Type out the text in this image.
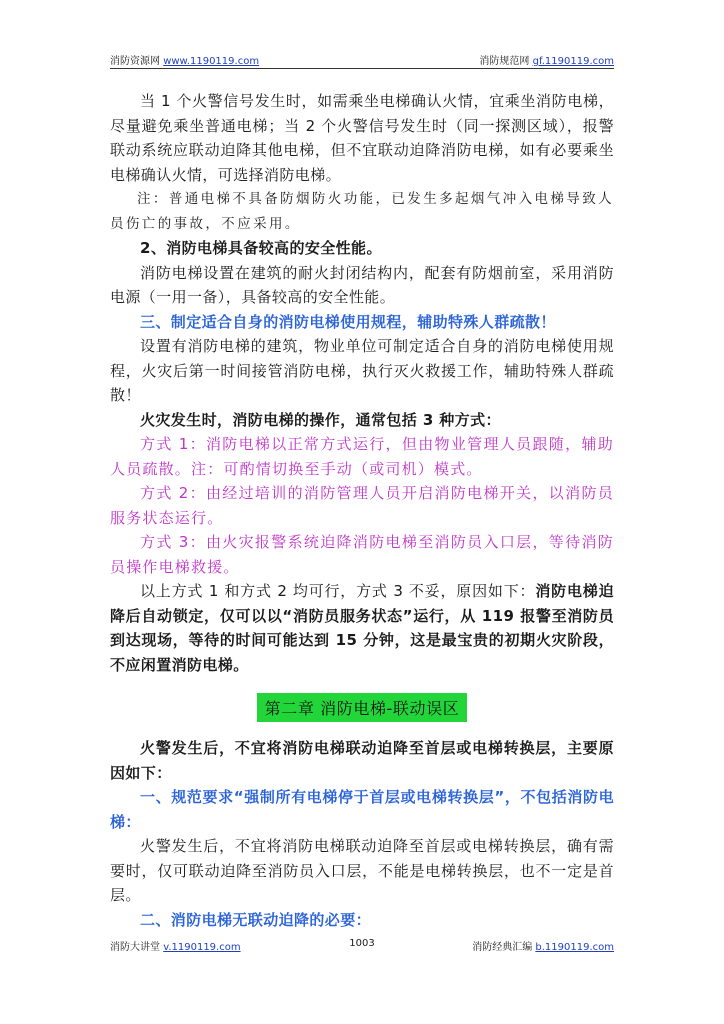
消防资源网 www.1190119.com	消防规范网 gf.1190119.com

当 1 个火警信号发生时，如需乘坐电梯确认火情，宜乘坐消防电梯，尽量避免乘坐普通电梯；当 2 个火警信号发生时（同一探测区域），报警联动系统应联动迫降其他电梯，但不宜联动迫降消防电梯，如有必要乘坐电梯确认火情，可选择消防电梯。

注：普通电梯不具备防烟防火功能，已发生多起烟气冲入电梯导致人员伤亡的事故，不应采用。

2、消防电梯具备较高的安全性能。

消防电梯设置在建筑的耐火封闭结构内，配套有防烟前室，采用消防电源（一用一备），具备较高的安全性能。

三、制定适合自身的消防电梯使用规程，辅助特殊人群疏散！

设置有消防电梯的建筑，物业单位可制定适合自身的消防电梯使用规程，火灾后第一时间接管消防电梯，执行灭火救援工作，辅助特殊人群疏散！

火灾发生时，消防电梯的操作，通常包括 3 种方式：

方式 1：消防电梯以正常方式运行，但由物业管理人员跟随，辅助人员疏散。注：可酌情切换至手动（或司机）模式。

方式 2：由经过培训的消防管理人员开启消防电梯开关，以消防员服务状态运行。

方式 3：由火灾报警系统迫降消防电梯至消防员入口层，等待消防员操作电梯救援。

以上方式 1 和方式 2 均可行，方式 3 不妥，原因如下：消防电梯迫降后自动锁定，仅可以以“消防员服务状态”运行，从 119 报警至消防员到达现场，等待的时间可能达到 15 分钟，这是最宝贵的初期火灾阶段，不应闲置消防电梯。

第二章 消防电梯-联动误区

火警发生后，不宜将消防电梯联动迫降至首层或电梯转换层，主要原因如下：

一、规范要求“强制所有电梯停于首层或电梯转换层”，不包括消防电梯：

火警发生后，不宜将消防电梯联动迫降至首层或电梯转换层，确有需要时，仅可联动迫降至消防员入口层，不能是电梯转换层，也不一定是首层。

二、消防电梯无联动迫降的必要：

消防大讲堂 v.1190119.com	1003	消防经典汇编 b.1190119.com
